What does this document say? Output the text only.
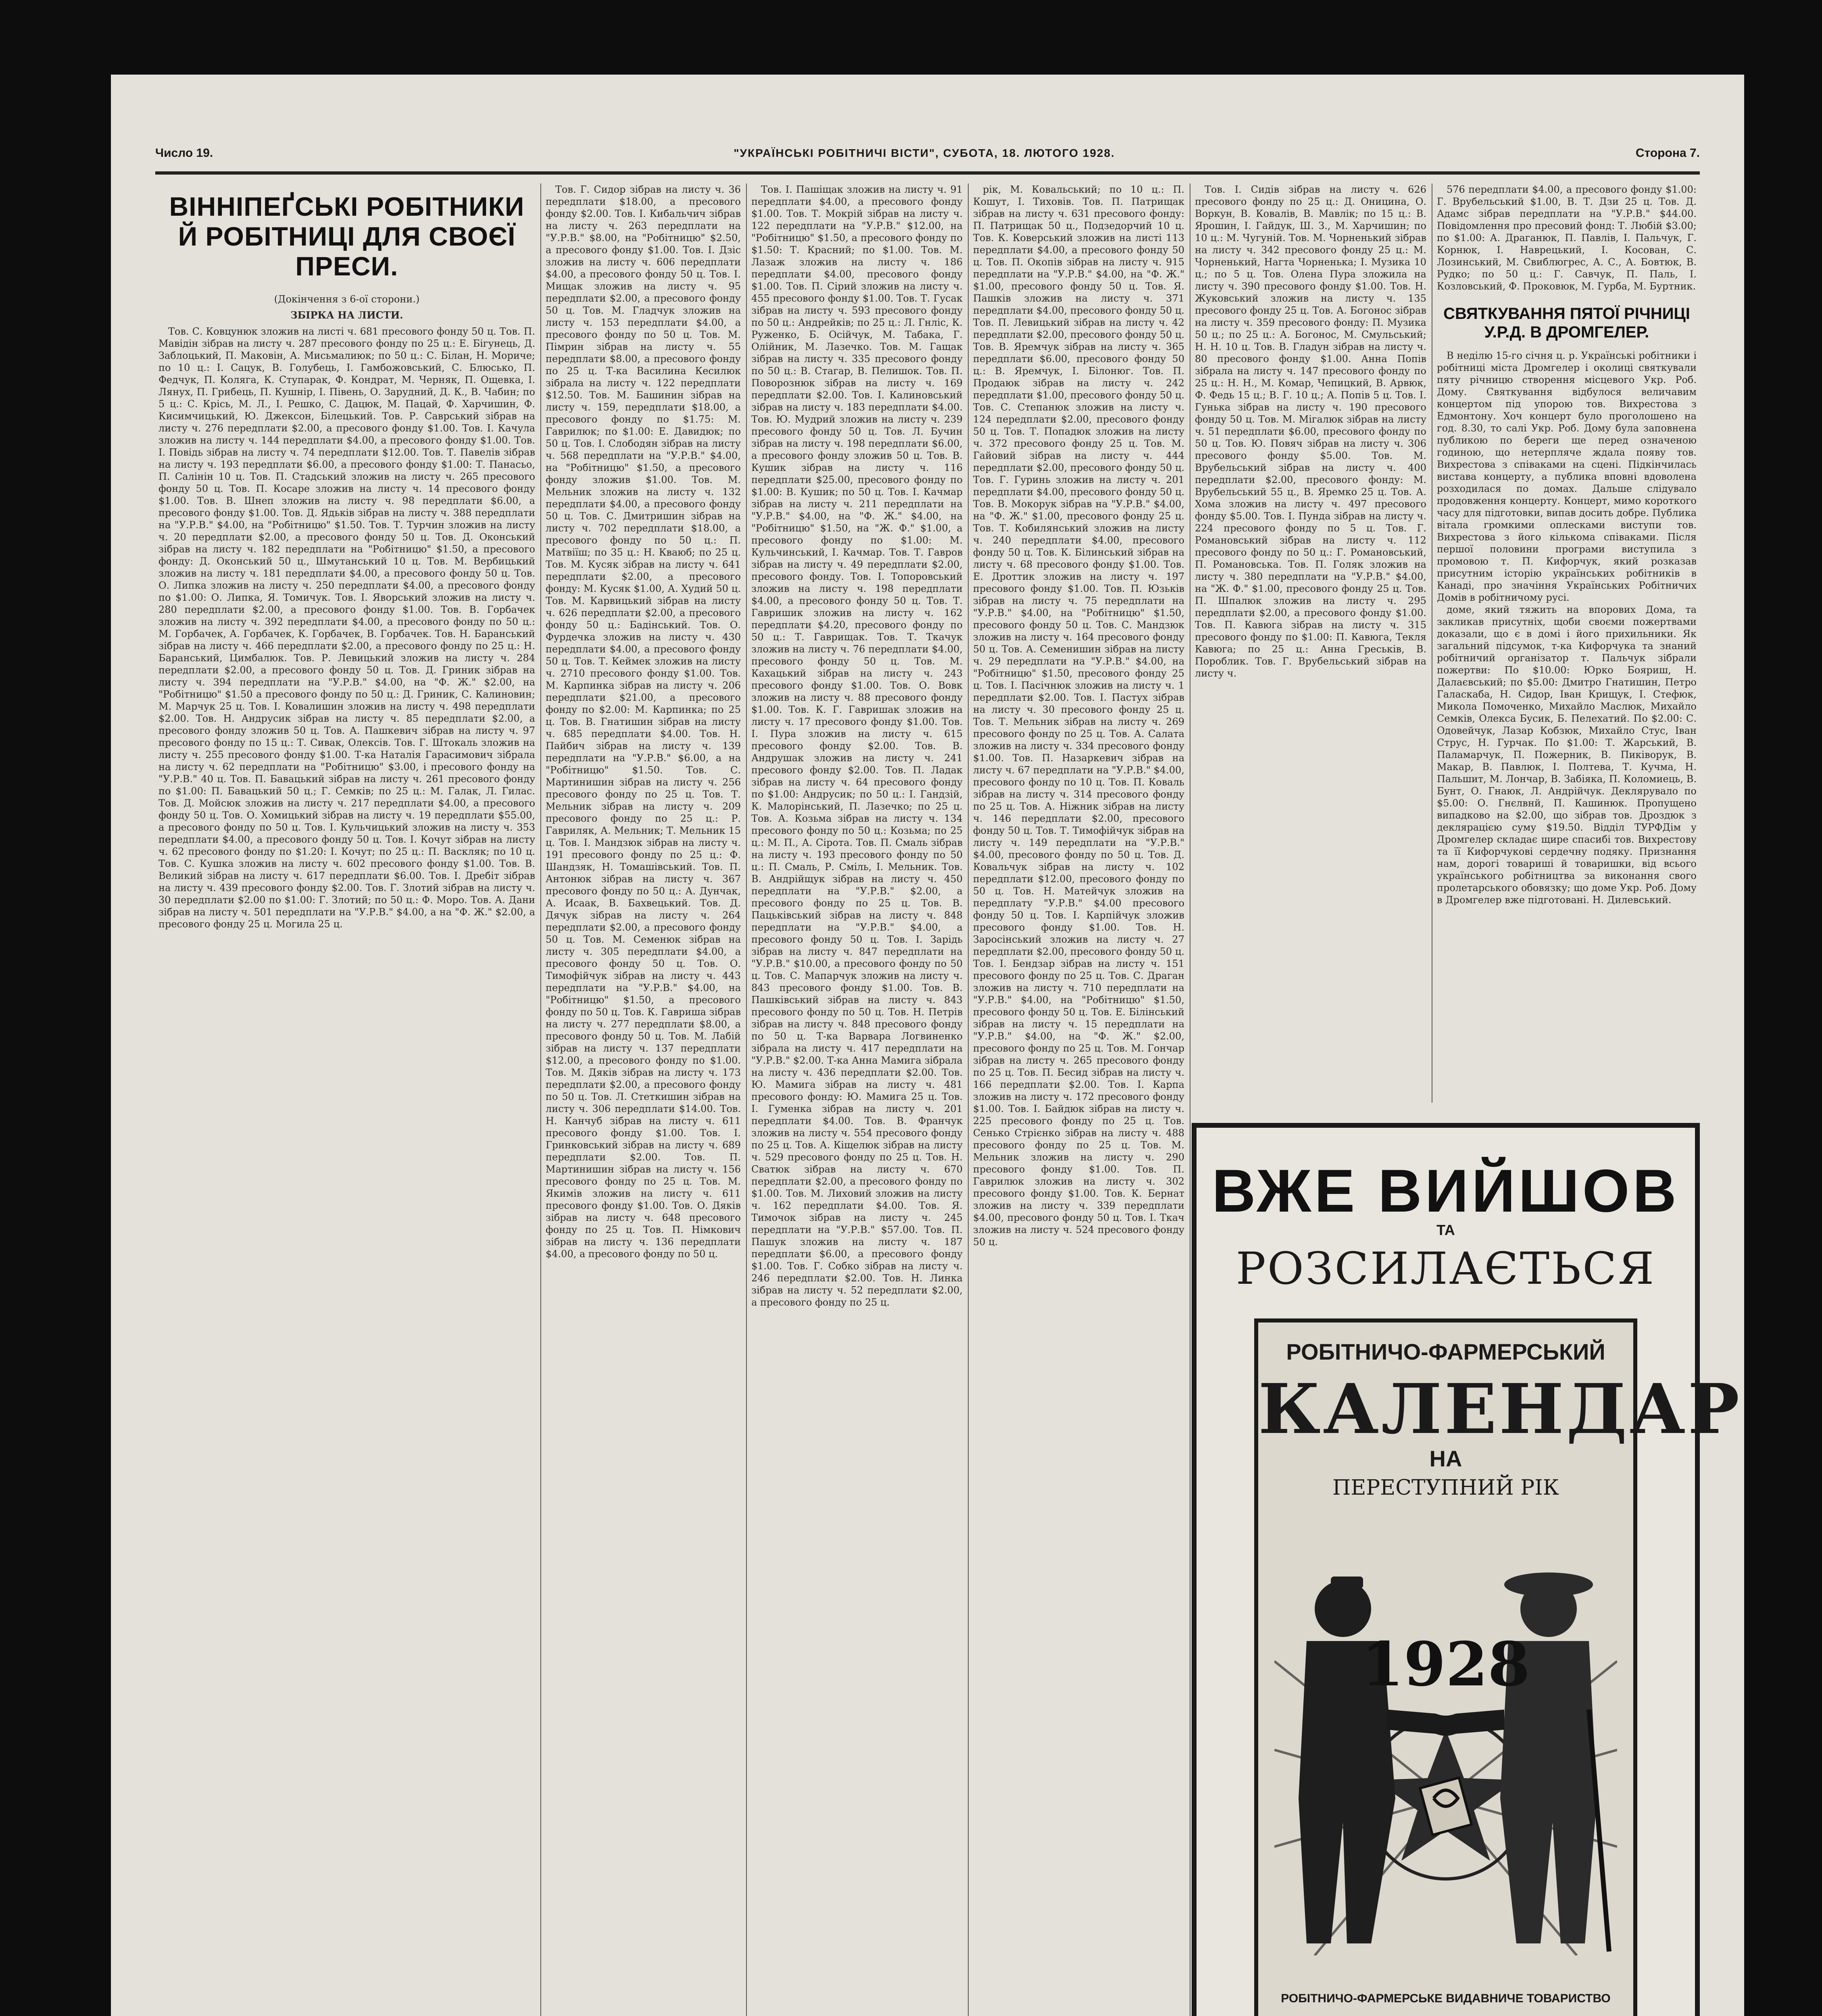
Число 19.	"УКРАЇНСЬКІ РОБІТНИЧІ ВІСТИ", СУБОТА, 18. ЛЮТОГО 1928.	Сторона 7.
ВІННІПЕҐСЬКІ РОБІТНИКИ Й РОБІТНИЦІ ДЛЯ СВОЄЇ ПРЕСИ.
(Докінчення з 6-ої сторони.)
ЗБІРКА НА ЛИСТИ.

Тов. С. Ковцунюк зложив на листі ч. 681 пресового фонду 50 ц. Тов. П. Мавідін зібрав на листу ч. 287 пресового фонду по 25 ц.: Е. Бігунець, Д. Заблоцький, П. Маковін, А. Мисьмалиюк; по 50 ц.: С. Білан, Н. Мориче; по 10 ц.: І. Сацук, В. Голубець, І. Гамбожовський, С. Блюсько, П. Федчук, П. Коляга, К. Ступарак, Ф. Кондрат, М. Черняк, П. Ощевка, І. Лянух, П. Грибець, П. Кушнір, І. Півень, О. Зарудний, Д. К., В. Чабин; по 5 ц.: С. Крісь, М. Л., І. Решко, С. Дацюк, М. Пацай, Ф. Харчишин, Ф. Кисимчицький, Ю. Джексон, Білецький. Тов. Р. Саврський зібрав на листу ч. 276 передплати $2.00, а пресового фонду $1.00. Тов. І. Качула зложив на листу ч. 144 передплати $4.00, а пресового фонду $1.00. Тов. І. Повідь зібрав на листу ч. 74 передплати $12.00. Тов. Т. Павелів зібрав на листу ч. 193 передплати $6.00, а пресового фонду $1.00: Т. Панасьо, П. Салінін 10 ц. Тов. П. Стадський зложив на листу ч. 265 пресового фонду 50 ц. Тов. П. Косаре зложив на листу ч. 14 пресового фонду $1.00. Тов. В. Шнеп зложив на листу ч. 98 передплати $6.00, а пресового фонду $1.00. Тов. Д. Ядьків зібрав на листу ч. 388 передплати на "У.Р.В." $4.00, на "Робітницю" $1.50. Тов. Т. Турчин зложив на листу ч. 20 передплати $2.00, а пресового фонду 50 ц. Тов. Д. Оконський зібрав на листу ч. 182 передплати на "Робітницю" $1.50, а пресового фонду: Д. Оконський 50 ц., Шмутанський 10 ц. Тов. М. Вербицький зложив на листу ч. 181 передплати $4.00, а пресового фонду 50 ц. Тов. О. Липка зложив на листу ч. 250 передплати $4.00, а пресового фонду по $1.00: О. Липка, Я. Томичук. Тов. І. Яворський зложив на листу ч. 280 передплати $2.00, а пресового фонду $1.00. Тов. В. Горбачек зложив на листу ч. 392 передплати $4.00, а пресового фонду по 50 ц.: М. Горбачек, А. Горбачек, К. Горбачек, В. Горбачек. Тов. Н. Баранський зібрав на листу ч. 466 передплати $2.00, а пресового фонду по 25 ц.: Н. Баранський, Цимбалюк. Тов. Р. Левицький зложив на листу ч. 284 передплати $2.00, а пресового фонду 50 ц. Тов. Д. Гриник зібрав на листу ч. 394 передплати на "У.Р.В." $4.00, на "Ф. Ж." $2.00, на "Робітницю" $1.50 а пресового фонду по 50 ц.: Д. Гриник, С. Калиновин; М. Марчук 25 ц. Тов. І. Ковалишин зложив на листу ч. 498 передплати $2.00. Тов. Н. Андрусик зібрав на листу ч. 85 передплати $2.00, а пресового фонду зложив 50 ц. Тов. А. Пашкевич зібрав на листу ч. 97 пресового фонду по 15 ц.: Т. Сивак, Олексів. Тов. Г. Штокаль зложив на листу ч. 255 пресового фонду $1.00. Т-ка Наталія Гарасимович зібрала на листу ч. 62 передплати на "Робітницю" $3.00, і пресового фонду на "У.Р.В." 40 ц. Тов. П. Бавацький зібрав на листу ч. 261 пресового фонду по $1.00: П. Бавацький 50 ц.; Г. Семків; по 25 ц.: М. Галак, Л. Гилас. Тов. Д. Мойсюк зложив на листу ч. 217 передплати $4.00, а пресового фонду 50 ц. Тов. О. Хомицький зібрав на листу ч. 19 передплати $55.00, а пресового фонду по 50 ц. Тов. І. Кульчицький зложив на листу ч. 353 передплати $4.00, а пресового фонду 50 ц. Тов. І. Кочут зібрав на листу ч. 62 пресового фонду по $1.20: І. Кочут; по 25 ц.: П. Васкляк; по 10 ц. Тов. С. Кушка зложив на листу ч. 602 пресового фонду $1.00. Тов. В. Великий зібрав на листу ч. 617 передплати $6.00. Тов. І. Дребіт зібрав на листу ч. 439 пресового фонду $2.00. Тов. Г. Злотий зібрав на листу ч. 30 передплати $2.00 по $1.00: Г. Злотий; по 50 ц.: Ф. Моро. Тов. А. Дани зібрав на листу ч. 501 передплати на "У.Р.В." $4.00, а на "Ф. Ж." $2.00, а пресового фонду 25 ц. Могила 25 ц.

Тов. Г. Сидор зібрав на листу ч. 36 передплати $18.00, а пресового фонду $2.00. Тов. І. Кибальчич зібрав на листу ч. 263 передплати на "У.Р.В." $8.00, на "Робітницю" $2.50, а пресового фонду $1.00. Тов. І. Дзіс зложив на листу ч. 606 передплати $4.00, а пресового фонду 50 ц. Тов. І. Мищак зложив на листу ч. 95 передплати $2.00, а пресового фонду 50 ц. Тов. М. Гладчук зложив на листу ч. 153 передплати $4.00, а пресового фонду по 50 ц. Тов. М. Пімрин зібрав на листу ч. 55 передплати $8.00, а пресового фонду по 25 ц. Т-ка Василина Кесилюк зібрала на листу ч. 122 передплати $12.50. Тов. М. Башинин зібрав на листу ч. 159, передплати $18.00, а пресового фонду по $1.75: М. Гаврилюк; по $1.00: Е. Давидюк; по 50 ц. Тов. І. Слободян зібрав на листу ч. 568 передплати на "У.Р.В." $4.00, на "Робітницю" $1.50, а пресового фонду зложив $1.00. Тов. М. Мельник зложив на листу ч. 132 передплати $4.00, а пресового фонду 50 ц. Тов. С. Дмитришин зібрав на листу ч. 702 передплати $18.00, а пресового фонду по 50 ц.: П. Матвіїш; по 35 ц.: Н. Кваюб; по 25 ц. Тов. М. Кусяк зібрав на листу ч. 641 передплати $2.00, а пресового фонду: М. Кусяк $1.00, А. Худий 50 ц. Тов. М. Карвицький зібрав на листу ч. 626 передплати $2.00, а пресового фонду 50 ц.: Бадінський. Тов. О. Фурдечка зложив на листу ч. 430 передплати $4.00, а пресового фонду 50 ц. Тов. Т. Кеймек зложив на листу ч. 2710 пресового фонду $1.00. Тов. М. Карпинка зібрав на листу ч. 206 передплати $21.00, а пресового фонду по $2.00: М. Карпинка; по 25 ц. Тов. В. Гнатишин зібрав на листу ч. 685 передплати $4.00. Тов. Н. Пайбич зібрав на листу ч. 139 передплати на "У.Р.В." $6.00, а на "Робітницю" $1.50. Тов. С. Мартинишин зібрав на листу ч. 256 пресового фонду по 25 ц. Тов. Т. Мельник зібрав на листу ч. 209 пресового фонду по 25 ц.: Р. Гавриляк, А. Мельник; Т. Мельник 15 ц. Тов. І. Мандзюк зібрав на листу ч. 191 пресового фонду по 25 ц.: Ф. Шандзяк, Н. Томашівський. Тов. П. Антонюк зібрав на листу ч. 367 пресового фонду по 50 ц.: А. Дунчак, А. Исаак, В. Бахвецький. Тов. Д. Дячук зібрав на листу ч. 264 передплати $2.00, а пресового фонду 50 ц. Тов. М. Семенюк зібрав на листу ч. 305 передплати $4.00, а пресового фонду 50 ц. Тов. О. Тимофійчук зібрав на листу ч. 443 передплати на "У.Р.В." $4.00, на "Робітницю" $1.50, а пресового фонду по 50 ц. Тов. К. Гавриша зібрав на листу ч. 277 передплати $8.00, а пресового фонду 50 ц. Тов. М. Лабій зібрав на листу ч. 137 передплати $12.00, а пресового фонду по $1.00. Тов. М. Дяків зібрав на листу ч. 173 передплати $2.00, а пресового фонду по 50 ц. Тов. Л. Стеткишин зібрав на листу ч. 306 передплати $14.00. Тов. Н. Канчуб зібрав на листу ч. 611 пресового фонду $1.00. Тов. І. Гринковський зібрав на листу ч. 689 передплати $2.00. Тов. П. Мартинишин зібрав на листу ч. 156 пресового фонду по 25 ц. Тов. М. Якимів зложив на листу ч. 611 пресового фонду $1.00. Тов. О. Дяків зібрав на листу ч. 648 пресового фонду по 25 ц. Тов. П. Німкович зібрав на листу ч. 136 передплати $4.00, а пресового фонду по 50 ц.

Тов. І. Пашіщак зложив на листу ч. 91 передплати $4.00, а пресового фонду $1.00. Тов. Т. Мокрій зібрав на листу ч. 122 передплати на "У.Р.В." $12.00, на "Робітницю" $1.50, а пресового фонду по $1.50: Т. Красний; по $1.00. Тов. М. Лазаж зложив на листу ч. 186 передплати $4.00, пресового фонду $1.00. Тов. П. Сірий зложив на листу ч. 455 пресового фонду $1.00. Тов. Т. Гусак зібрав на листу ч. 593 пресового фонду по 50 ц.: Андрейків; по 25 ц.: Л. Гнліс, К. Руженко, Б. Осійчук, М. Табака, Г. Олійник, М. Лазечко. Тов. М. Гащак зібрав на листу ч. 335 пресового фонду по 50 ц.: В. Стагар, В. Пелишок. Тов. П. Поворознюк зібрав на листу ч. 169 передплати $2.00. Тов. І. Калиновський зібрав на листу ч. 183 передплати $4.00. Тов. Ю. Мудрий зложив на листу ч. 239 пресового фонду 50 ц. Тов. Л. Бучин зібрав на листу ч. 198 передплати $6.00, а пресового фонду зложив 50 ц. Тов. В. Кушик зібрав на листу ч. 116 передплати $25.00, пресового фонду по $1.00: В. Кушик; по 50 ц. Тов. І. Качмар зібрав на листу ч. 211 передплати на "У.Р.В." $4.00, на "Ф. Ж." $4.00, на "Робітницю" $1.50, на "Ж. Ф." $1.00, а пресового фонду по $1.00: М. Кульчинський, І. Качмар. Тов. Т. Гавров зібрав на листу ч. 49 передплати $2.00, пресового фонду. Тов. І. Топоровський зложив на листу ч. 198 передплати $4.00, а пресового фонду 50 ц. Тов. Т. Гавришик зложив на листу ч. 162 передплати $4.20, пресового фонду по 50 ц.: Т. Гаврищак. Тов. Т. Ткачук зложив на листу ч. 76 передплати $4.00, пресового фонду 50 ц. Тов. М. Кахацький зібрав на листу ч. 243 пресового фонду $1.00. Тов. О. Вовк зложив на листу ч. 88 пресового фонду $1.00. Тов. К. Г. Гавришак зложив на листу ч. 17 пресового фонду $1.00. Тов. І. Пура зложив на листу ч. 615 пресового фонду $2.00. Тов. В. Андрушак зложив на листу ч. 241 пресового фонду $2.00. Тов. П. Ладак зібрав на листу ч. 64 пресового фонду по $1.00: Андрусик; по 50 ц.: І. Гандзій, К. Малорінський, П. Лазечко; по 25 ц. Тов. А. Козьма зібрав на листу ч. 134 пресового фонду по 50 ц.: Козьма; по 25 ц.: М. П., А. Сірота. Тов. П. Смаль зібрав на листу ч. 193 пресового фонду по 50 ц.: П. Смаль, Р. Сміль, І. Мельник. Тов. В. Андрійщук зібрав на листу ч. 450 передплати на "У.Р.В." $2.00, а пресового фонду по 25 ц. Тов. В. Пацьківський зібрав на листу ч. 848 передплати на "У.Р.В." $4.00, а пресового фонду 50 ц. Тов. І. Зарідь зібрав на листу ч. 847 передплати на "У.Р.В." $10.00, а пресового фонду по 50 ц. Тов. С. Мапарчук зложив на листу ч. 843 пресового фонду $1.00. Тов. В. Пашківський зібрав на листу ч. 843 пресового фонду по 50 ц. Тов. Н. Петрів зібрав на листу ч. 848 пресового фонду по 50 ц. Т-ка Варвара Логвиненко зібрала на листу ч. 417 передплати на "У.Р.В." $2.00. Т-ка Анна Мамига зібрала на листу ч. 436 передплати $2.00. Тов. Ю. Мамига зібрав на листу ч. 481 пресового фонду: Ю. Мамига 25 ц. Тов. І. Гуменка зібрав на листу ч. 201 передплати $4.00. Тов. В. Франчук зложив на листу ч. 554 пресового фонду по 25 ц. Тов. А. Кіщелюк зібрав на листу ч. 529 пресового фонду по 25 ц. Тов. Н. Сватюк зібрав на листу ч. 670 передплати $2.00, а пресового фонду по $1.00. Тов. М. Лиховий зложив на листу ч. 162 передплати $4.00. Тов. Я. Тимочок зібрав на листу ч. 245 передплати на "У.Р.В." $57.00. Тов. П. Пашук зложив на листу ч. 187 передплати $6.00, а пресового фонду $1.00. Тов. Г. Собко зібрав на листу ч. 246 передплати $2.00. Тов. Н. Линка зібрав на листу ч. 52 передплати $2.00, а пресового фонду по 25 ц.

рік, М. Ковальський; по 10 ц.: П. Кошут, І. Тиховів. Тов. П. Патрищак зібрав на листу ч. 631 пресового фонду: П. Патрищак 50 ц., Подзедорчий 10 ц. Тов. К. Коверський зложив на листі 113 передплати $4.00, а пресового фонду 50 ц. Тов. П. Окопів зібрав на листу ч. 915 передплати на "У.Р.В." $4.00, на "Ф. Ж." $1.00, пресового фонду 50 ц. Тов. Я. Пашків зложив на листу ч. 371 передплати $4.00, пресового фонду 50 ц. Тов. П. Левицький зібрав на листу ч. 42 передплати $2.00, пресового фонду 50 ц. Тов. В. Яремчук зібрав на листу ч. 365 передплати $6.00, пресового фонду 50 ц.: В. Яремчук, І. Білонюг. Тов. П. Продаюк зібрав на листу ч. 242 передплати $1.00, пресового фонду 50 ц. Тов. С. Степанюк зложив на листу ч. 124 передплати $2.00, пресового фонду 50 ц. Тов. Т. Попадюк зложив на листу ч. 372 пресового фонду 25 ц. Тов. М. Гайовий зібрав на листу ч. 444 передплати $2.00, пресового фонду 50 ц. Тов. Г. Гуринь зложив на листу ч. 201 передплати $4.00, пресового фонду 50 ц. Тов. В. Мокорук зібрав на "У.Р.В." $4.00, на "Ф. Ж." $1.00, пресового фонду 25 ц. Тов. Т. Кобилянський зложив на листу ч. 240 передплати $4.00, пресового фонду 50 ц. Тов. К. Білинський зібрав на листу ч. 68 пресового фонду $1.00. Тов. Е. Дроттик зложив на листу ч. 197 пресового фонду $1.00. Тов. П. Юзьків зібрав на листу ч. 75 передплати на "У.Р.В." $4.00, на "Робітницю" $1.50, пресового фонду 50 ц. Тов. С. Мандзюк зложив на листу ч. 164 пресового фонду 50 ц. Тов. А. Семенишин зібрав на листу ч. 29 передплати на "У.Р.В." $4.00, на "Робітницю" $1.50, пресового фонду 25 ц. Тов. І. Пасічнюк зложив на листу ч. 1 передплати $2.00. Тов. І. Пастух зібрав на листу ч. 30 пресового фонду 25 ц. Тов. Т. Мельник зібрав на листу ч. 269 пресового фонду по 25 ц. Тов. А. Салата зложив на листу ч. 334 пресового фонду $1.00. Тов. П. Назаркевич зібрав на листу ч. 67 передплати на "У.Р.В." $4.00, пресового фонду по 10 ц. Тов. П. Коваль зібрав на листу ч. 314 пресового фонду по 25 ц. Тов. А. Ніжник зібрав на листу ч. 146 передплати $2.00, пресового фонду 50 ц. Тов. Т. Тимофійчук зібрав на листу ч. 149 передплати на "У.Р.В." $4.00, пресового фонду по 50 ц. Тов. Д. Ковальчук зібрав на листу ч. 102 передплати $12.00, пресового фонду по 50 ц. Тов. Н. Матейчук зложив на передплату "У.Р.В." $4.00 пресового фонду 50 ц. Тов. І. Карпійчук зложив пресового фонду $1.00. Тов. Н. Заросінський зложив на листу ч. 27 передплати $2.00, пресового фонду 50 ц. Тов. І. Бендзар зібрав на листу ч. 151 пресового фонду по 25 ц. Тов. С. Драган зложив на листу ч. 710 передплати на "У.Р.В." $4.00, на "Робітницю" $1.50, пресового фонду 50 ц. Тов. Е. Білінський зібрав на листу ч. 15 передплати на "У.Р.В." $4.00, на "Ф. Ж." $2.00, пресового фонду по 25 ц. Тов. М. Гончар зібрав на листу ч. 265 пресового фонду по 25 ц. Тов. П. Бесид зібрав на листу ч. 166 передплати $2.00. Тов. І. Карпа зложив на листу ч. 172 пресового фонду $1.00. Тов. І. Байдюк зібрав на листу ч. 225 пресового фонду по 25 ц. Тов. Сенько Стрієнко зібрав на листу ч. 488 пресового фонду по 25 ц. Тов. М. Мельник зложив на листу ч. 290 пресового фонду $1.00. Тов. П. Гаврилюк зложив на листу ч. 302 пресового фонду $1.00. Тов. К. Бернат зложив на листу ч. 339 передплати $4.00, пресового фонду 50 ц. Тов. І. Ткач зложив на листу ч. 524 пресового фонду 50 ц.

Тов. І. Сидів зібрав на листу ч. 626 пресового фонду по 25 ц.: Д. Оницина, О. Воркун, В. Ковалів, В. Мавлік; по 15 ц.: В. Ярошин, І. Гайдук, Ш. З., М. Харчишин; по 10 ц.: М. Чугуній. Тов. М. Чорненький зібрав на листу ч. 342 пресового фонду 25 ц.: М. Чорненький, Нагта Чорненька; І. Музика 10 ц.; по 5 ц. Тов. Олена Пура зложила на листу ч. 390 пресового фонду $1.00. Тов. Н. Жуковський зложив на листу ч. 135 пресового фонду 25 ц. Тов. А. Богонос зібрав на листу ч. 359 пресового фонду: П. Музика 50 ц.; по 25 ц.: А. Богонос, М. Смульський; Н. Н. 10 ц. Тов. В. Гладун зібрав на листу ч. 80 пресового фонду $1.00. Анна Попів зібрала на листу ч. 147 пресового фонду по 25 ц.: Н. Н., М. Комар, Чепицкий, В. Арвюк, Ф. Федь 15 ц.; В. Г. 10 ц.; А. Попів 5 ц. Тов. І. Гунька зібрав на листу ч. 190 пресового фонду 50 ц. Тов. М. Мігалюк зібрав на листу ч. 51 передплати $6.00, пресового фонду по 50 ц. Тов. Ю. Повяч зібрав на листу ч. 306 пресового фонду $5.00. Тов. М. Врубельський зібрав на листу ч. 400 передплати $2.00, пресового фонду: М. Врубельський 55 ц., В. Яремко 25 ц. Тов. А. Хома зложив на листу ч. 497 пресового фонду $5.00. Тов. І. Пунда зібрав на листу ч. 224 пресового фонду по 5 ц. Тов. Г. Романовський зібрав на листу ч. 112 пресового фонду по 50 ц.: Г. Романовський, П. Романовська. Тов. П. Голяк зложив на листу ч. 380 передплати на "У.Р.В." $4.00, на "Ж. Ф." $1.00, пресового фонду 25 ц. Тов. П. Шпалюк зложив на листу ч. 295 передплати $2.00, а пресового фонду $1.00. Тов. П. Кавюга зібрав на листу ч. 315 пресового фонду по $1.00: П. Кавюга, Текля Кавюга; по 25 ц.: Анна Греськів, В. Пороблик. Тов. Г. Врубельський зібрав на листу ч.

576 передплати $4.00, а пресового фонду $1.00: Г. Врубельський $1.00, В. Т. Дзи 25 ц. Тов. Д. Адамс зібрав передплати на "У.Р.В." $44.00. Повідомлення про пресовий фонд: Т. Любій $3.00; по $1.00: А. Драганюк, П. Павлів, І. Пальчук, Г. Корнюк, І. Наврецький, І. Косован, С. Лозинський, М. Свиблюгрес, А. С., А. Бовтюк, В. Рудко; по 50 ц.: Г. Савчук, П. Паль, І. Козловський, Ф. Проковюк, М. Гурба, М. Буртник.

СВЯТКУВАННЯ ПЯТОЇ РІЧНИЦІ У.Р.Д. В ДРОМГЕЛЕР.

В неділю 15-го січня ц. р. Українські робітники і робітниці міста Дромгелер і околиці святкували пяту річницю створення місцевого Укр. Роб. Дому. Святкування відбулося величавим концертом під упорою тов. Вихрестова з Едмонтону. Хоч концерт було проголошено на год. 8.30, то салі Укр. Роб. Дому була заповнена публикою по береги ще перед означеною годиною, що нетерпляче ждала появу тов. Вихрестова з співаками на сцені. Підкінчилась вистава концерту, а публика вповні вдоволена розходилася по домах. Дальше слідувало продовження концерту. Концерт, мимо короткого часу для підготовки, випав досить добре. Публика вітала громкими оплесками виступи тов. Вихрестова з його кількома співаками. Після першої половини програми виступила з промовою т. П. Кифорчук, який розказав присутним історію українських робітників в Канаді, про значіння Українських Робітничих Домів в робітничому русі.

доме, який тяжить на впорових Дома, та закликав присутніх, щоби своєми пожертвами доказали, що є в домі і його прихильники. Як загальний підсумок, т-ка Кифорчука та знаний робітничий організатор т. Пальчук зібрали пожертви: По $10.00: Юрко Бояриш, Н. Далаєвський; по $5.00: Дмитро Гнатишин, Петро Галаскаба, Н. Сидор, Іван Крищук, І. Стефюк, Микола Помоченко, Михайло Маслюк, Михайло Семків, Олекса Бусик, Б. Пелехатий. По $2.00: С. Одовейчук, Лазар Кобзюк, Михайло Стус, Іван Струс, Н. Гурчак. По $1.00: Т. Жарський, В. Паламарчук, П. Пожерник, В. Пиківорук, В. Макар, В. Павлюк, І. Полтева, Т. Кучма, Н. Пальшит, М. Лончар, В. Забіяка, П. Коломиець, В. Бунт, О. Гнаюк, Л. Андрійчук. Деклярувало по $5.00: О. Гнєлвнй, П. Кашинюк. Пропущено випадково на $2.00, що зібрав тов. Дроздюк з деклярацією суму $19.50. Відділ ТУРФДім у Дромгелер складає щире спасибі тов. Вихрестову та її Кифорчукові сердечну подяку. Признання нам, дорогі товариші й товаришки, від всього українського робітництва за виконання свого пролетарського обовязку; що доме Укр. Роб. Дому в Дромгелер вже підготовані. Н. Дилевський.

ВЖЕ ВИЙШОВ
ТА
РОЗСИЛАЄТЬСЯ
РОБІТНИЧО-ФАРМЕРСЬКИЙ
КАЛЕНДАР
НА
ПЕРЕСТУПНИЙ РІК
1928
РОБІТНИЧО-ФАРМЕРСЬКЕ ВИДАВНИЧЕ ТОВАРИСТВО
